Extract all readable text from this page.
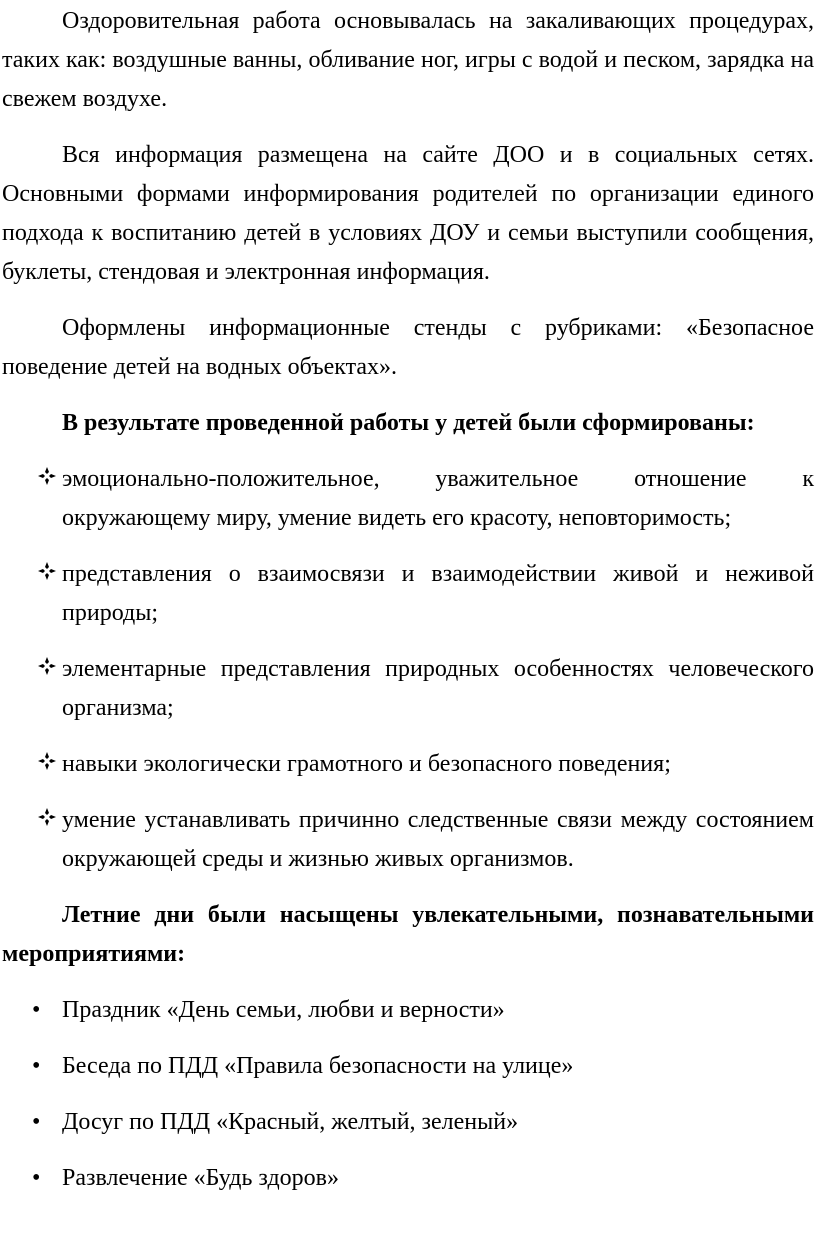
Оздоровительная работа основывалась на закаливающих процедурах, таких как: воздушные ванны, обливание ног, игры с водой и песком, зарядка на свежем воздухе.

Вся информация размещена на сайте ДОО и в социальных сетях. Основными формами информирования родителей по организации единого подхода к воспитанию детей в условиях ДОУ и семьи выступили сообщения, буклеты, стендовая и электронная информация.

Оформлены информационные стенды с рубриками: «Безопасное поведение детей на водных объектах».

В результате проведенной работы у детей были сформированы:

эмоционально-положительное, уважительное отношение к окружающему миру, умение видеть его красоту, неповторимость;
представления о взаимосвязи и взаимодействии живой и неживой природы;
элементарные представления природных особенностях человеческого организма;
навыки экологически грамотного и безопасного поведения;
умение устанавливать причинно следственные связи между состоянием окружающей среды и жизнью живых организмов.

Летние дни были насыщены увлекательными, познавательными мероприятиями:

• Праздник «День семьи, любви и верности»
• Беседа по ПДД «Правила безопасности на улице»
• Досуг по ПДД «Красный, желтый, зеленый»
• Развлечение «Будь здоров»
